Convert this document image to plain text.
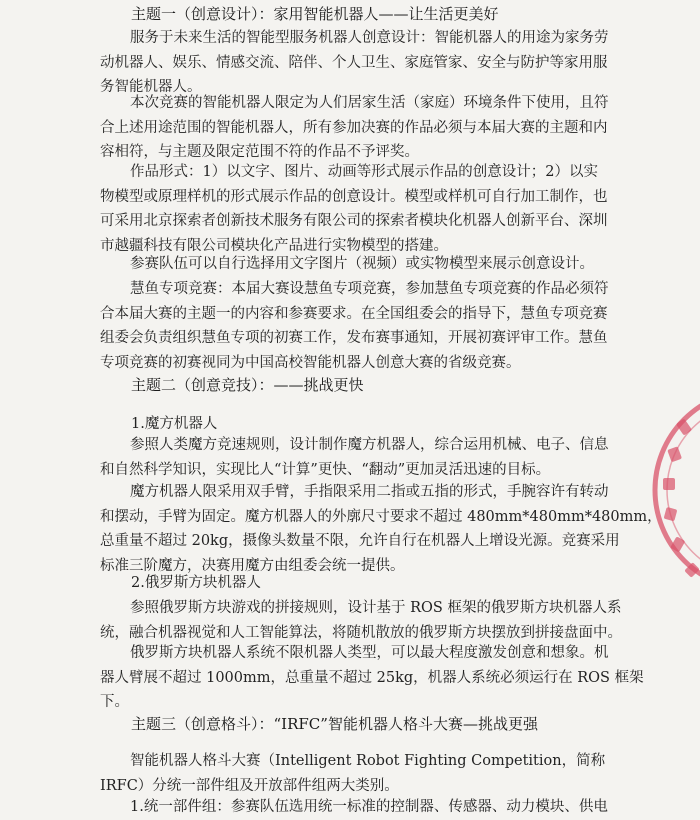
主题一（创意设计）：家用智能机器人——让生活更美好

服务于未来生活的智能型服务机器人创意设计：智能机器人的用途为家务劳
动机器人、娱乐、情感交流、陪伴、个人卫生、家庭管家、安全与防护等家用服
务智能机器人。

本次竞赛的智能机器人限定为人们居家生活（家庭）环境条件下使用，且符
合上述用途范围的智能机器人，所有参加决赛的作品必须与本届大赛的主题和内
容相符，与主题及限定范围不符的作品不予评奖。

作品形式：1）以文字、图片、动画等形式展示作品的创意设计；2）以实
物模型或原理样机的形式展示作品的创意设计。模型或样机可自行加工制作，也
可采用北京探索者创新技术服务有限公司的探索者模块化机器人创新平台、深圳
市越疆科技有限公司模块化产品进行实物模型的搭建。

参赛队伍可以自行选择用文字图片（视频）或实物模型来展示创意设计。

慧鱼专项竞赛：本届大赛设慧鱼专项竞赛，参加慧鱼专项竞赛的作品必须符
合本届大赛的主题一的内容和参赛要求。在全国组委会的指导下，慧鱼专项竞赛
组委会负责组织慧鱼专项的初赛工作，发布赛事通知，开展初赛评审工作。慧鱼
专项竞赛的初赛视同为中国高校智能机器人创意大赛的省级竞赛。

主题二（创意竞技）：——挑战更快

1.魔方机器人

参照人类魔方竞速规则，设计制作魔方机器人，综合运用机械、电子、信息
和自然科学知识，实现比人“计算”更快、“翻动”更加灵活迅速的目标。

魔方机器人限采用双手臂，手指限采用二指或五指的形式，手腕容许有转动
和摆动，手臂为固定。魔方机器人的外廓尺寸要求不超过 480mm*480mm*480mm，
总重量不超过 20kg，摄像头数量不限，允许自行在机器人上增设光源。竞赛采用
标准三阶魔方，决赛用魔方由组委会统一提供。

2.俄罗斯方块机器人

参照俄罗斯方块游戏的拼接规则，设计基于 ROS 框架的俄罗斯方块机器人系
统，融合机器视觉和人工智能算法，将随机散放的俄罗斯方块摆放到拼接盘面中。

俄罗斯方块机器人系统不限机器人类型，可以最大程度激发创意和想象。机
器人臂展不超过 1000mm，总重量不超过 25kg，机器人系统必须运行在 ROS 框架
下。

主题三（创意格斗）：“IRFC”智能机器人格斗大赛—挑战更强

智能机器人格斗大赛（Intelligent Robot Fighting Competition，简称
IRFC）分统一部件组及开放部件组两大类别。

1.统一部件组：参赛队伍选用统一标准的控制器、传感器、动力模块、供电
